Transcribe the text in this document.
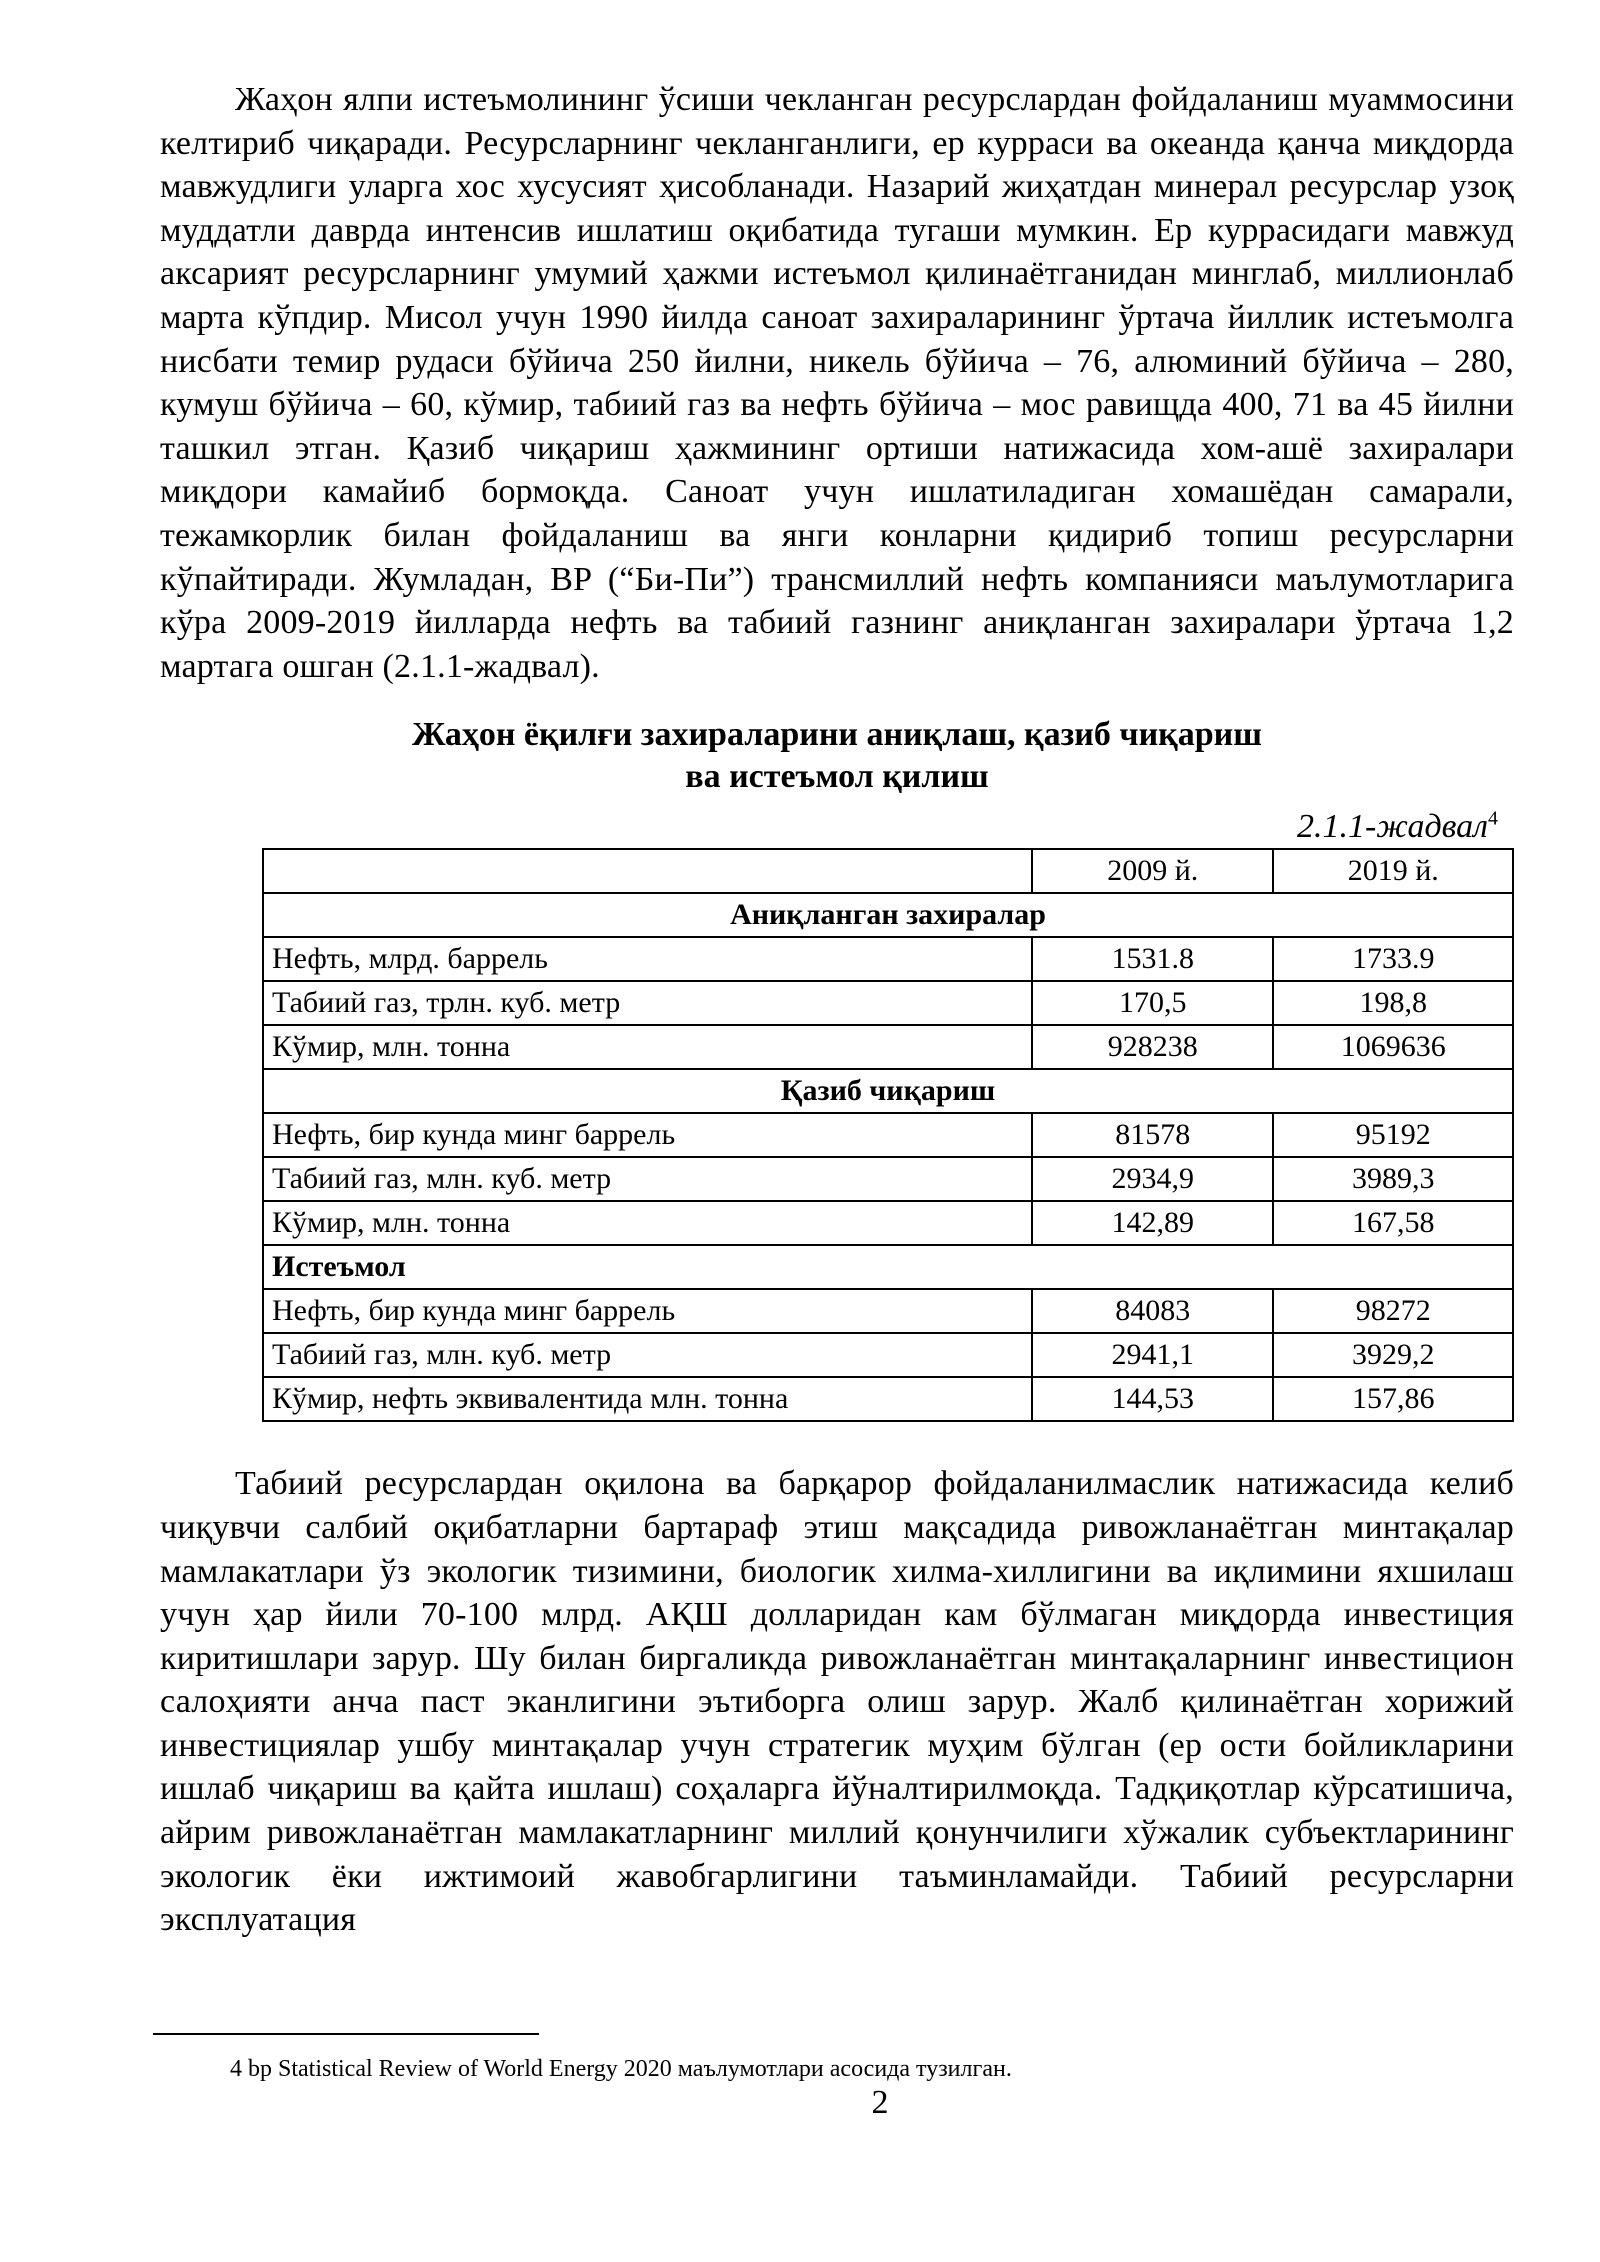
Жаҳон ялпи истеъмолининг ўсиши чекланган ресурслардан фойдаланиш муаммосини келтириб чиқаради. Ресурсларнинг чекланганлиги, ер курраси ва океанда қанча миқдорда мавжудлиги уларга хос хусусият ҳисобланади. Назарий жиҳатдан минерал ресурслар узоқ муддатли даврда интенсив ишлатиш оқибатида тугаши мумкин. Ер куррасидаги мавжуд аксарият ресурсларнинг умумий ҳажми истеъмол қилинаётганидан минглаб, миллионлаб марта кўпдир. Мисол учун 1990 йилда саноат захираларининг ўртача йиллик истеъмолга нисбати темир рудаси бўйича 250 йилни, никель бўйича – 76, алюминий бўйича – 280, кумуш бўйича – 60, кўмир, табиий газ ва нефть бўйича – мос равищда 400, 71 ва 45 йилни ташкил этган. Қазиб чиқариш ҳажмининг ортиши натижасида хом-ашё захиралари миқдори камайиб бормоқда. Саноат учун ишлатиладиган хомашёдан самарали, тежамкорлик билан фойдаланиш ва янги конларни қидириб топиш ресурсларни кўпайтиради. Жумладан, BP (“Би-Пи”) трансмиллий нефть компанияси маълумотларига кўра 2009-2019 йилларда нефть ва табиий газнинг аниқланган захиралари ўртача 1,2 мартага ошган (2.1.1-жадвал).

Жаҳон ёқилғи захираларини аниқлаш, қазиб чиқариш
ва истеъмол қилиш
2.1.1-жадвал$^4$
	2009 й.	2019 й.
Аниқланган захиралар		
Нефть, млрд. баррель	1531.8	1733.9
Табиий газ, трлн. куб. метр	170,5	198,8
Кўмир, млн. тонна	928238	1069636
Қазиб чиқариш		
Нефть, бир кунда минг баррель	81578	95192
Табиий газ, млн. куб. метр	2934,9	3989,3
Кўмир, млн. тонна	142,89	167,58
Истеъмол		
Нефть, бир кунда минг баррель	84083	98272
Табиий газ, млн. куб. метр	2941,1	3929,2
Кўмир, нефть эквивалентида млн. тонна	144,53	157,86

Табиий ресурслардан оқилона ва барқарор фойдаланилмаслик натижасида келиб чиқувчи салбий оқибатларни бартараф этиш мақсадида ривожланаётган минтақалар мамлакатлари ўз экологик тизимини, биологик хилма-хиллигини ва иқлимини яхшилаш учун ҳар йили 70-100 млрд. АҚШ долларидан кам бўлмаган миқдорда инвестиция киритишлари зарур. Шу билан биргаликда ривожланаётган минтақаларнинг инвестицион салоҳияти анча паст эканлигини эътиборга олиш зарур. Жалб қилинаётган хорижий инвестициялар ушбу минтақалар учун стратегик муҳим бўлган (ер ости бойликларини ишлаб чиқариш ва қайта ишлаш) соҳаларга йўналтирилмоқда. Тадқиқотлар кўрсатишича, айрим ривожланаётган мамлакатларнинг миллий қонунчилиги хўжалик субъектларининг экологик ёки ижтимоий жавобгарлигини таъминламайди. Табиий ресурсларни эксплуатация

4 bp Statistical Review of World Energy 2020 маълумотлари асосида тузилган.
2
